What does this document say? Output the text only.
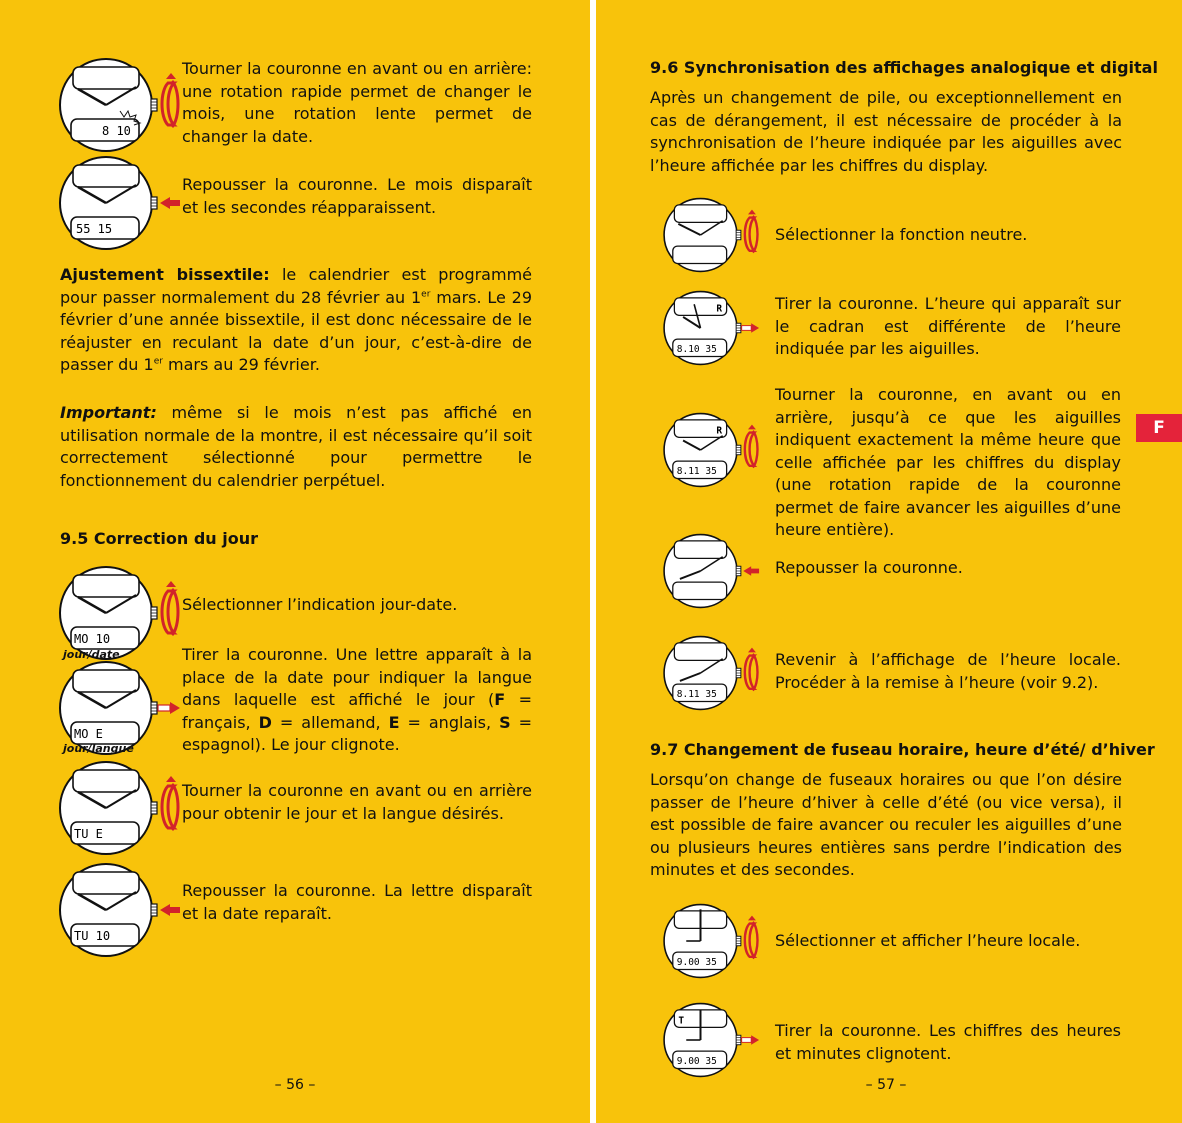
8 10
Tourner la couronne en avant ou en arrière: une rotation rapide permet de changer le mois, une rotation lente permet de changer la date.
55 15
Repousser la couronne. Le mois disparaît et les secondes réapparaissent.
Ajustement bissextile: le calendrier est programmé pour passer normalement du 28 février au 1er mars. Le 29 février d’une année bissextile, il est donc nécessaire de le réajuster en reculant la date d’un jour, c’est-à-dire de passer du 1er mars au 29 février.
Important: même si le mois n’est pas affiché en utilisation normale de la montre, il est nécessaire qu’il soit correctement sélectionné pour permettre le fonctionnement du calendrier perpétuel.
9.5 Correction du jour
MO 10
jour/date
Sélectionner l’indication jour-date.
MO E
jour/langue
Tirer la couronne. Une lettre apparaît à la place de la date pour indiquer la langue dans laquelle est affiché le jour (F = français, D = allemand, E = anglais, S = espagnol). Le jour clignote.
TU E
Tourner la couronne en avant ou en arrière pour obtenir le jour et la langue désirés.
TU 10
Repousser la couronne. La lettre disparaît et la date reparaît.
– 56 –
9.6 Synchronisation des affichages analogique et digital
Après un changement de pile, ou exceptionnellement en cas de dérangement, il est nécessaire de procéder à la synchronisation de l’heure indiquée par les aiguilles avec l’heure affichée par les chiffres du display.
Sélectionner la fonction neutre.
R
8.10 35
Tirer la couronne. L’heure qui apparaît sur le cadran est différente de l’heure indiquée par les aiguilles.
R
8.11 35
Tourner la couronne, en avant ou en arrière, jusqu’à ce que les aiguilles indiquent exactement la même heure que celle affichée par les chiffres du display (une rotation rapide de la couronne permet de faire avancer les aiguilles d’une heure entière).
Repousser la couronne.
8.11 35
Revenir à l’affichage de l’heure locale. Procéder à la remise à l’heure (voir 9.2).
9.7 Changement de fuseau horaire, heure d’été/ d’hiver
Lorsqu’on change de fuseaux horaires ou que l’on désire passer de l’heure d’hiver à celle d’été (ou vice versa), il est possible de faire avancer ou reculer les aiguilles d’une ou plusieurs heures entières sans perdre l’indication des minutes et des secondes.
9.00 35
Sélectionner et afficher l’heure locale.
T
9.00 35
Tirer la couronne. Les chiffres des heures et minutes clignotent.
– 57 –
F
